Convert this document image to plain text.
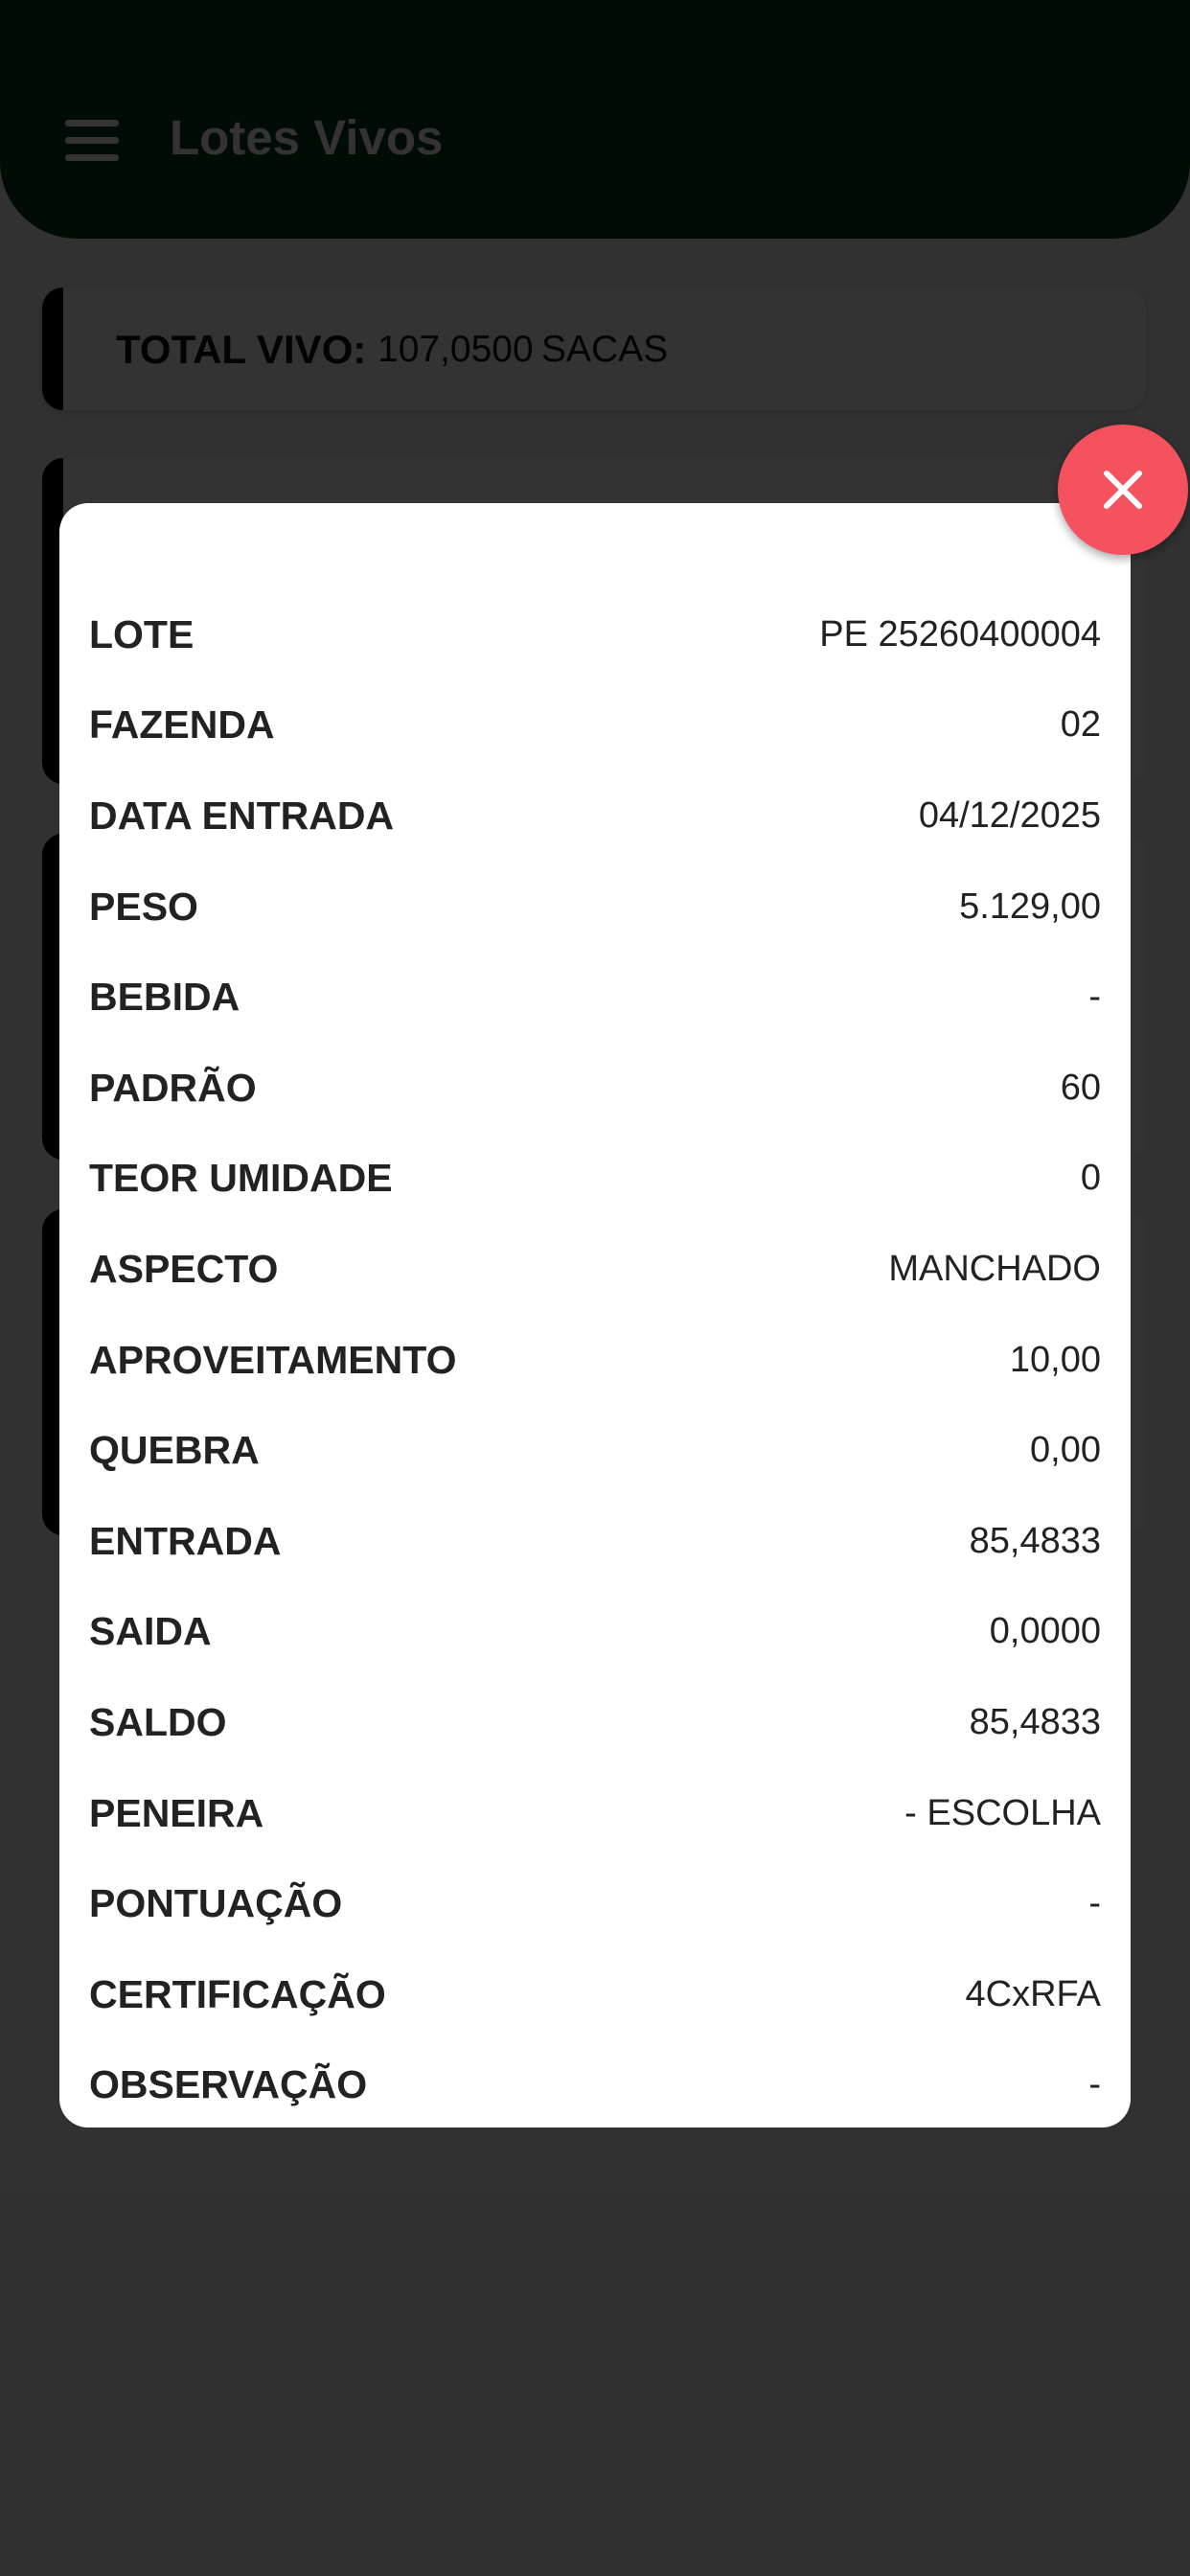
LOTE	PE 25260400004
FAZENDA	02
DATA ENTRADA	04/12/2025
PESO	5.129,00
BEBIDA	-
PADRÃO	60
TEOR UMIDADE	0
ASPECTO	MANCHADO
APROVEITAMENTO	10,00
QUEBRA	0,00
ENTRADA	85,4833
SAIDA	0,0000
SALDO	85,4833
PENEIRA	- ESCOLHA
PONTUAÇÃO	-
CERTIFICAÇÃO	4CxRFA
OBSERVAÇÃO	-
